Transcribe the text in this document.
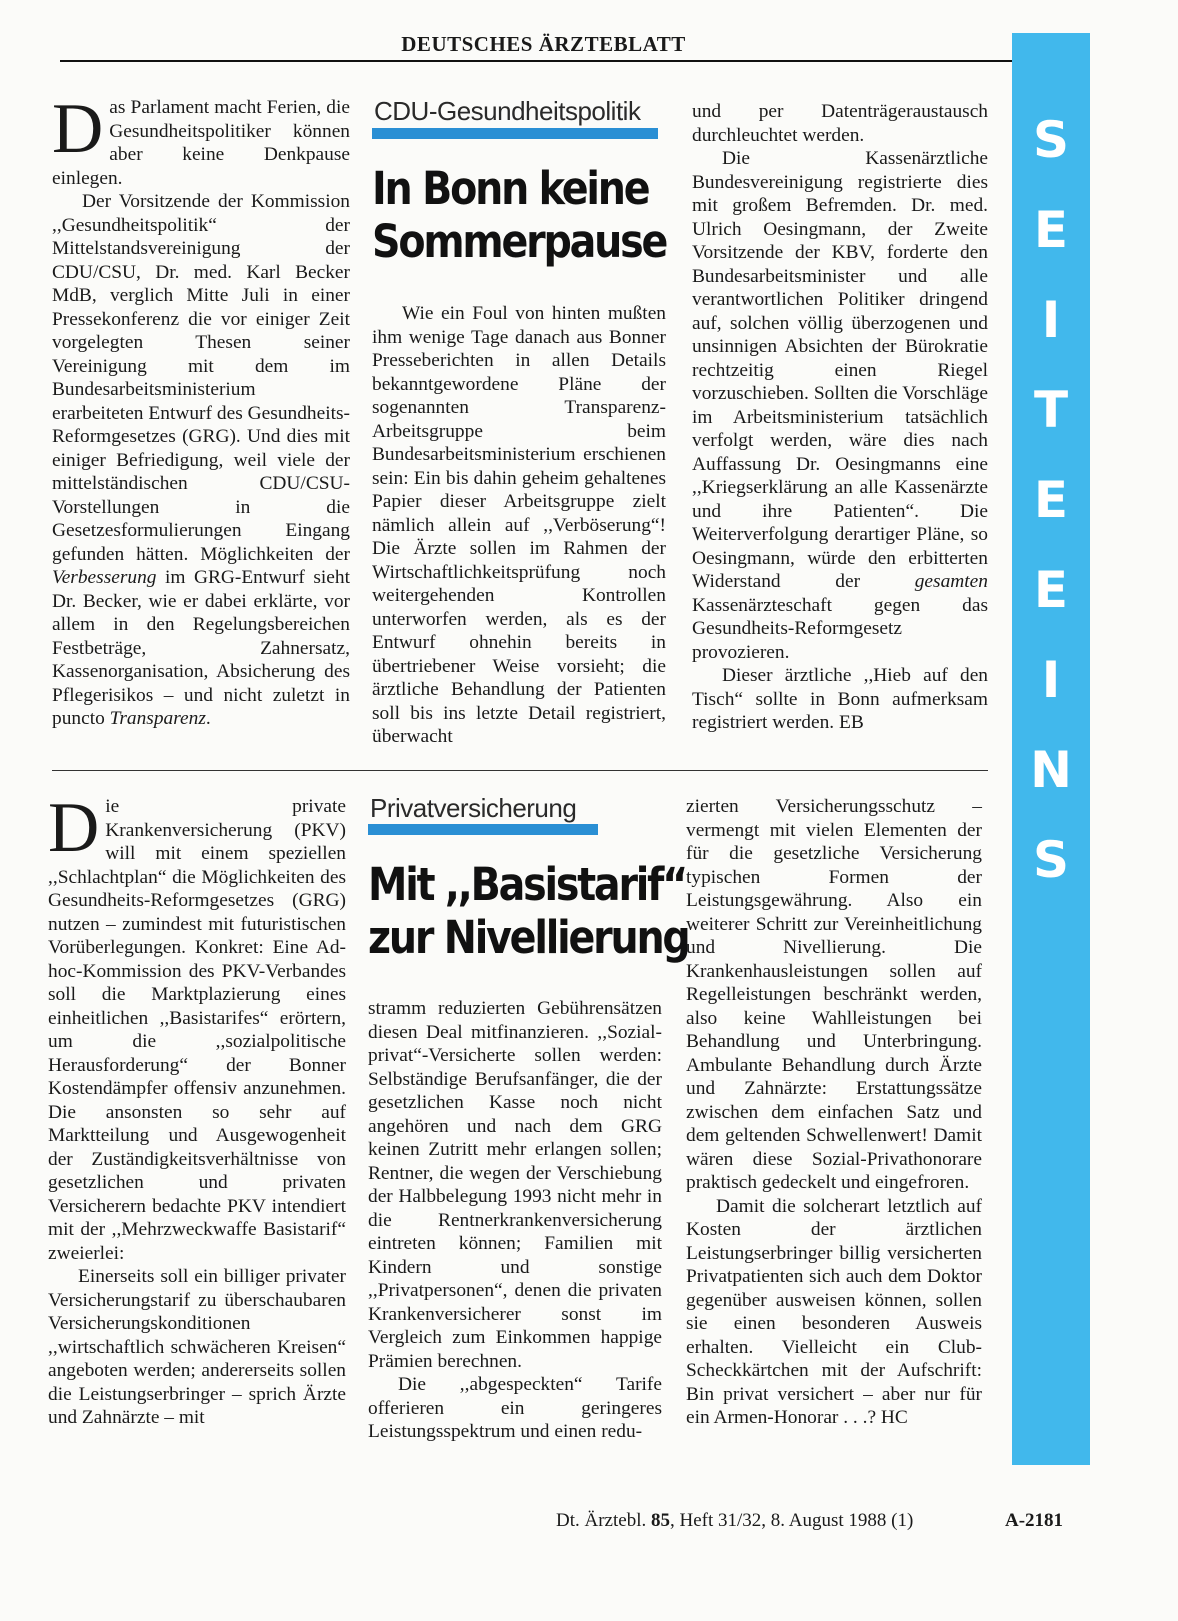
DEUTSCHES ÄRZTEBLATT
S
E
I
T
E
E
I
N
S

Das Parlament macht Ferien, die Gesundheitspolitiker können aber keine Denkpause einlegen.

Der Vorsitzende der Kommission ,,Gesundheitspolitik“ der Mittelstandsvereinigung der CDU/CSU, Dr. med. Karl Becker MdB, verglich Mitte Juli in einer Pressekonferenz die vor einiger Zeit vorgelegten Thesen seiner Vereinigung mit dem im Bundesarbeitsministerium erarbeiteten Entwurf des Gesundheits-Reformgesetzes (GRG). Und dies mit einiger Befriedigung, weil viele der mittelständischen CDU/CSU-Vorstellungen in die Gesetzesformulierungen Eingang gefunden hätten. Möglichkeiten der Verbesserung im GRG-Entwurf sieht Dr. Becker, wie er dabei erklärte, vor allem in den Regelungsbereichen Festbeträge, Zahnersatz, Kassenorganisation, Absicherung des Pflegerisikos – und nicht zuletzt in puncto Transparenz.

CDU-Gesundheitspolitik
In Bonn keine
Sommerpause

Wie ein Foul von hinten mußten ihm wenige Tage danach aus Bonner Presseberichten in allen Details bekanntgewordene Pläne der sogenannten Transparenz-Arbeitsgruppe beim Bundesarbeitsministerium erschienen sein: Ein bis dahin geheim gehaltenes Papier dieser Arbeitsgruppe zielt nämlich allein auf ,,Verböserung“! Die Ärzte sollen im Rahmen der Wirtschaftlichkeitsprüfung noch weitergehenden Kontrollen unterworfen werden, als es der Entwurf ohnehin bereits in übertriebener Weise vorsieht; die ärztliche Behandlung der Patienten soll bis ins letzte Detail registriert, überwacht

und per Datenträgeraustausch durchleuchtet werden.

Die Kassenärztliche Bundesvereinigung registrierte dies mit großem Befremden. Dr. med. Ulrich Oesingmann, der Zweite Vorsitzende der KBV, forderte den Bundesarbeitsminister und alle verantwortlichen Politiker dringend auf, solchen völlig überzogenen und unsinnigen Absichten der Bürokratie rechtzeitig einen Riegel vorzuschieben. Sollten die Vorschläge im Arbeitsministerium tatsächlich verfolgt werden, wäre dies nach Auffassung Dr. Oesingmanns eine ,,Kriegserklärung an alle Kassenärzte und ihre Patienten“. Die Weiterverfolgung derartiger Pläne, so Oesingmann, würde den erbitterten Widerstand der	gesamten Kassenärzteschaft gegen das Gesundheits-Reformgesetz provozieren.

Dieser ärztliche ,,Hieb auf den Tisch“ sollte in Bonn aufmerksam registriert werden. EB

Die private Krankenversicherung (PKV) will mit einem speziellen ,,Schlachtplan“ die Möglichkeiten des Gesundheits-Reformgesetzes (GRG) nutzen – zumindest mit futuristischen Vorüberlegungen. Konkret: Eine Ad-hoc-Kommission des PKV-Verbandes soll die Marktplazierung eines einheitlichen ,,Basistarifes“ erörtern, um die ,,sozialpolitische Herausforderung“ der Bonner Kostendämpfer offensiv anzunehmen. Die ansonsten so sehr auf Marktteilung und Ausgewogenheit der Zuständigkeitsverhältnisse von gesetzlichen und privaten Versicherern bedachte PKV intendiert mit der ,,Mehrzweckwaffe Basistarif“ zweierlei:

Einerseits soll ein billiger privater Versicherungstarif zu überschaubaren Versicherungskonditionen ,,wirtschaftlich schwächeren Kreisen“ angeboten werden; andererseits sollen die Leistungserbringer – sprich Ärzte und Zahnärzte – mit

Privatversicherung
Mit ,,Basistarif“
zur Nivellierung

stramm reduzierten Gebührensätzen diesen Deal mitfinanzieren. ,,Sozial-privat“-Versicherte sollen werden: Selbständige Berufsanfänger, die der gesetzlichen Kasse noch nicht angehören und nach dem GRG keinen Zutritt mehr erlangen sollen; Rentner, die wegen der Verschiebung der Halbbelegung 1993 nicht mehr in die Rentnerkrankenversicherung eintreten können; Familien mit Kindern und sonstige ,,Privatpersonen“, denen die privaten Krankenversicherer sonst im Vergleich zum Einkommen happige Prämien berechnen.

Die ,,abgespeckten“ Tarife offerieren ein geringeres Leistungsspektrum und einen redu-

zierten Versicherungsschutz – vermengt mit vielen Elementen der für die gesetzliche Versicherung typischen Formen der Leistungsgewährung. Also ein weiterer Schritt zur Vereinheitlichung und Nivellierung. Die Krankenhausleistungen sollen auf Regelleistungen beschränkt werden, also keine Wahlleistungen bei Behandlung und Unterbringung. Ambulante Behandlung durch Ärzte und Zahnärzte: Erstattungssätze zwischen dem einfachen Satz und dem geltenden Schwellenwert! Damit wären diese Sozial-Privathonorare praktisch gedeckelt und eingefroren.

Damit die solcherart letztlich auf Kosten der ärztlichen Leistungserbringer billig versicherten Privatpatienten sich auch dem Doktor gegenüber ausweisen können, sollen sie einen besonderen Ausweis erhalten. Vielleicht ein Club-Scheckkärtchen mit der Aufschrift: Bin privat versichert – aber nur für ein Armen-Honorar . . .? HC

Dt. Ärztebl. 85, Heft 31/32, 8. August 1988 (1)	A-2181
